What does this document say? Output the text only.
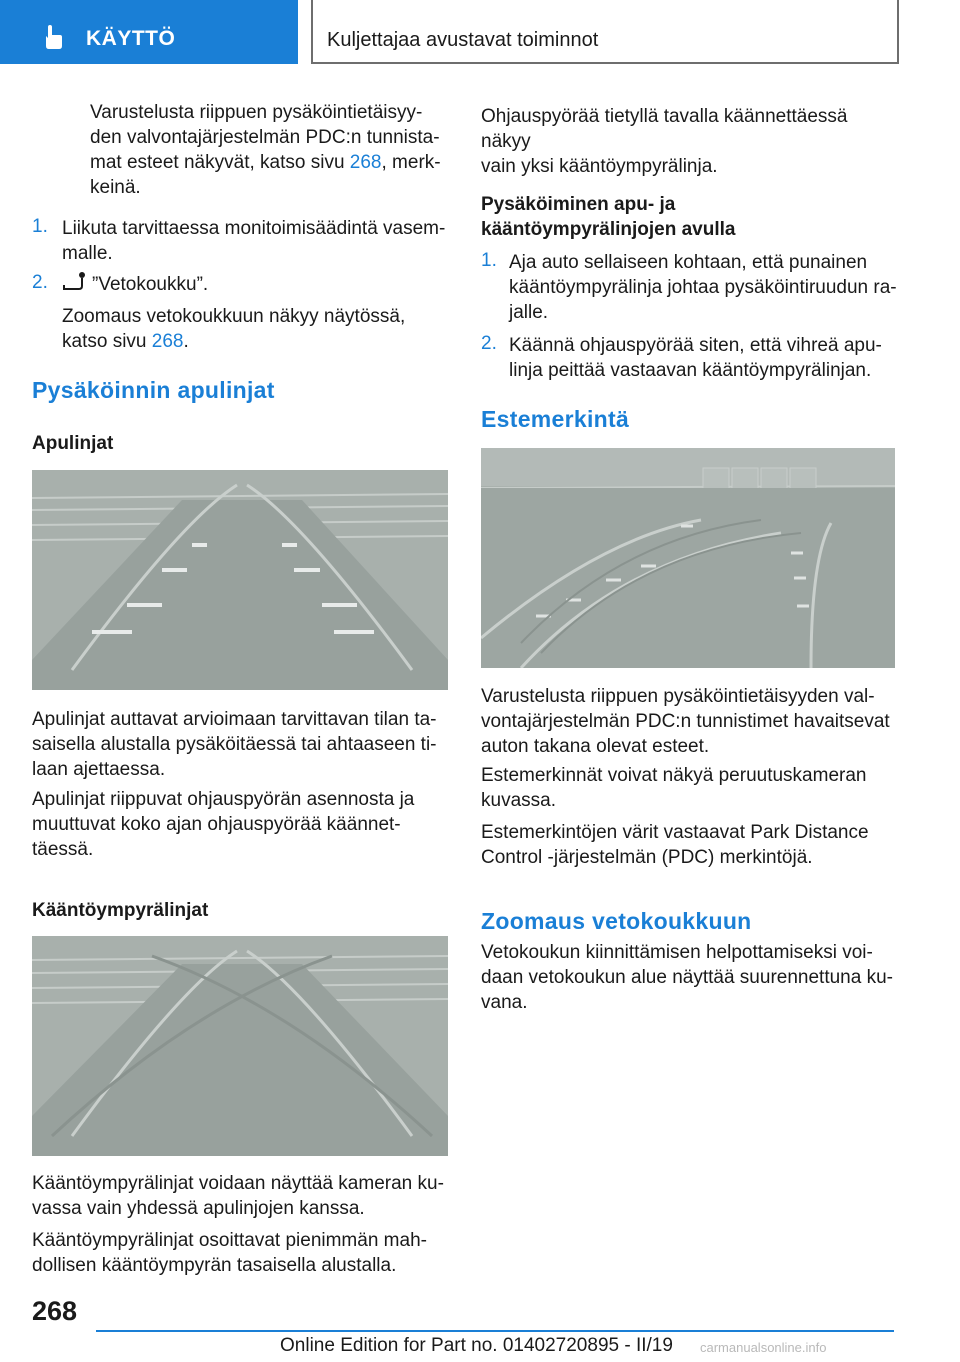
KÄYTTÖ	Kuljettajaa avustavat toiminnot

Varustelusta riippuen pysäköintietäisyy-

den valvontajärjestelmän PDC:n tunnista-

mat esteet näkyvät, katso sivu 268, merk-

keinä.

1. Liikuta tarvittaessa monitoimisäädintä vasem-

malle.

2. ”Vetokoukku”.

Zoomaus vetokoukkuun näkyy näytössä,

katso sivu 268.

Pysäköinnin apulinjat
Apulinjat

Apulinjat auttavat arvioimaan tarvittavan tilan ta-

saisella alustalla pysäköitäessä tai ahtaaseen ti-

laan ajettaessa.

Apulinjat riippuvat ohjauspyörän asennosta ja

muuttuvat koko ajan ohjauspyörää käännet-

täessä.

Kääntöympyrälinjat

Kääntöympyrälinjat voidaan näyttää kameran ku-

vassa vain yhdessä apulinjojen kanssa.

Kääntöympyrälinjat osoittavat pienimmän mah-

dollisen kääntöympyrän tasaisella alustalla.

Ohjauspyörää tietyllä tavalla käännettäessä näkyy

vain yksi kääntöympyrälinja.

Pysäköiminen apu- ja
kääntöympyrälinjojen avulla
1. Aja auto sellaiseen kohtaan, että punainen

kääntöympyrälinja johtaa pysäköintiruudun ra-

jalle.

2. Käännä ohjauspyörää siten, että vihreä apu-

linja peittää vastaavan kääntöympyrälinjan.

Estemerkintä

Varustelusta riippuen pysäköintietäisyyden val-

vontajärjestelmän PDC:n tunnistimet havaitsevat

auton takana olevat esteet.

Estemerkinnät voivat näkyä peruutuskameran

kuvassa.

Estemerkintöjen värit vastaavat Park Distance

Control -järjestelmän (PDC) merkintöjä.

Zoomaus vetokoukkuun

Vetokoukun kiinnittämisen helpottamiseksi voi-

daan vetokoukun alue näyttää suurennettuna ku-

vana.

268
Online Edition for Part no. 01402720895 - II/19 carmanualsonline.info
